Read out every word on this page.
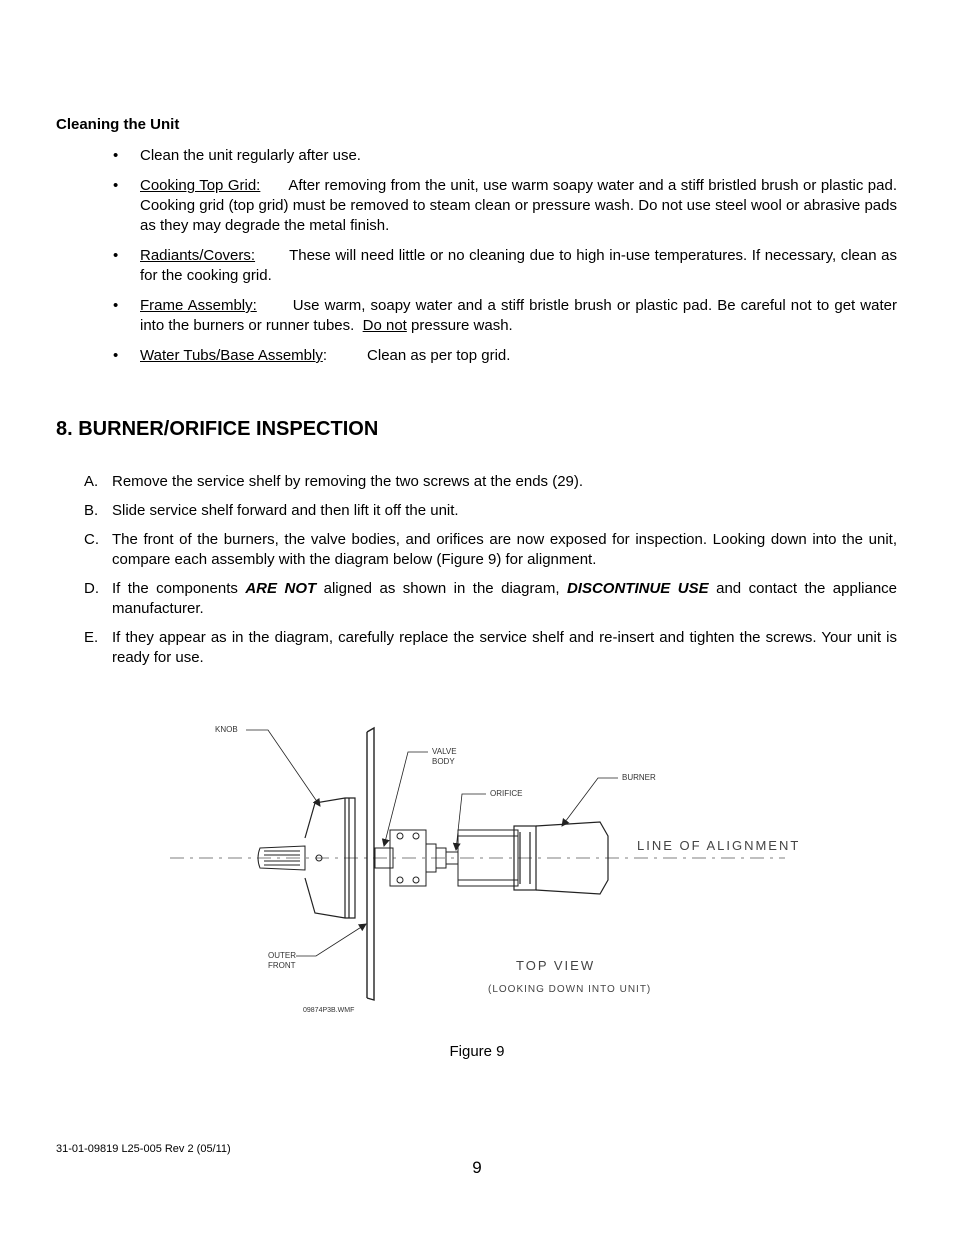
Cleaning the Unit
• Clean the unit regularly after use.
• Cooking Top Grid: After removing from the unit, use warm soapy water and a stiff bristled brush or plastic pad. Cooking grid (top grid) must be removed to steam clean or pressure wash. Do not use steel wool or abrasive pads as they may degrade the metal finish.
• Radiants/Covers: These will need little or no cleaning due to high in-use temperatures. If necessary, clean as for the cooking grid.
• Frame Assembly: Use warm, soapy water and a stiff bristle brush or plastic pad. Be careful not to get water into the burners or runner tubes. Do not pressure wash.
• Water Tubs/Base Assembly:	Clean as per top grid.
8. BURNER/ORIFICE INSPECTION
A. Remove the service shelf by removing the two screws at the ends (29).
B. Slide service shelf forward and then lift it off the unit.
C. The front of the burners, the valve bodies, and orifices are now exposed for inspection. Looking down into the unit, compare each assembly with the diagram below (Figure 9) for alignment.
D. If the components ARE NOT aligned as shown in the diagram, DISCONTINUE USE and contact the appliance manufacturer.
E. If they appear as in the diagram, carefully replace the service shelf and re-insert and tighten the screws. Your unit is ready for use.
KNOB
VALVE
BODY
ORIFICE
BURNER
LINE OF ALIGNMENT
OUTER
FRONT	TOP VIEW
(LOOKING DOWN INTO UNIT)
09874P3B.WMF
Figure 9
31-01-09819 L25-005 Rev 2 (05/11)
9
